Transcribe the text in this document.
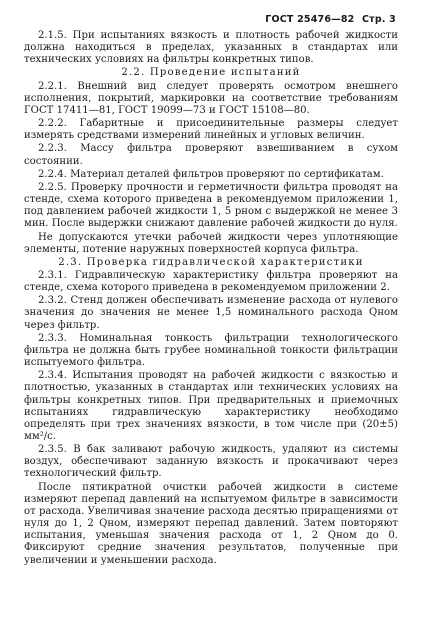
ГОСТ 25476—82 Стр. 3

2.1.5. При испытаниях вязкость и плотность рабочей жидкости должна находиться в пределах, указанных в стандартах или технических условиях на фильтры конкретных типов.

2.2. Проведение испытаний

2.2.1. Внешний вид следует проверять осмотром внешнего исполнения, покрытий, маркировки на соответствие требованиям ГОСТ 17411—81, ГОСТ 19099—73 и ГОСТ 15108—80.

2.2.2. Габаритные и присоединительные размеры следует измерять средствами измерений линейных и угловых величин.

2.2.3. Массу фильтра проверяют взвешиванием в сухом состоянии.

2.2.4. Материал деталей фильтров проверяют по сертификатам.

2.2.5. Проверку прочности и герметичности фильтра проводят на стенде, схема которого приведена в рекомендуемом приложении 1, под давлением рабочей жидкости 1, 5 pном с выдержкой не менее 3 мин. После выдержки снижают давление рабочей жидкости до нуля.

Не допускаются утечки рабочей жидкости через уплотняющие элементы, потение наружных поверхностей корпуса фильтра.

2.3. Проверка гидравлической характеристики

2.3.1. Гидравлическую характеристику фильтра проверяют на стенде, схема которого приведена в рекомендуемом приложении 2.

2.3.2. Стенд должен обеспечивать изменение расхода от нулевого значения до значения не менее 1,5 номинального расхода Qном через фильтр.

2.3.3. Номинальная тонкость фильтрации технологического фильтра не должна быть грубее номинальной тонкости фильтрации испытуемого фильтра.

2.3.4. Испытания проводят на рабочей жидкости с вязкостью и плотностью, указанных в стандартах или технических условиях на фильтры конкретных типов. При предварительных и приемочных испытаниях гидравлическую характеристику необходимо определять при трех значениях вязкости, в том числе при (20±5) мм²/с.

2.3.5. В бак заливают рабочую жидкость, удаляют из системы воздух, обеспечивают заданную вязкость и прокачивают через технологический фильтр.

После пятикратной очистки рабочей жидкости в системе измеряют перепад давлений на испытуемом фильтре в зависимости от расхода. Увеличивая значение расхода десятью приращениями от нуля до 1, 2 Qном, измеряют перепад давлений. Затем повторяют испытания, уменьшая значения расхода от 1, 2 Qном до 0. Фиксируют средние значения результатов, полученные при увеличении и уменьшении расхода.
